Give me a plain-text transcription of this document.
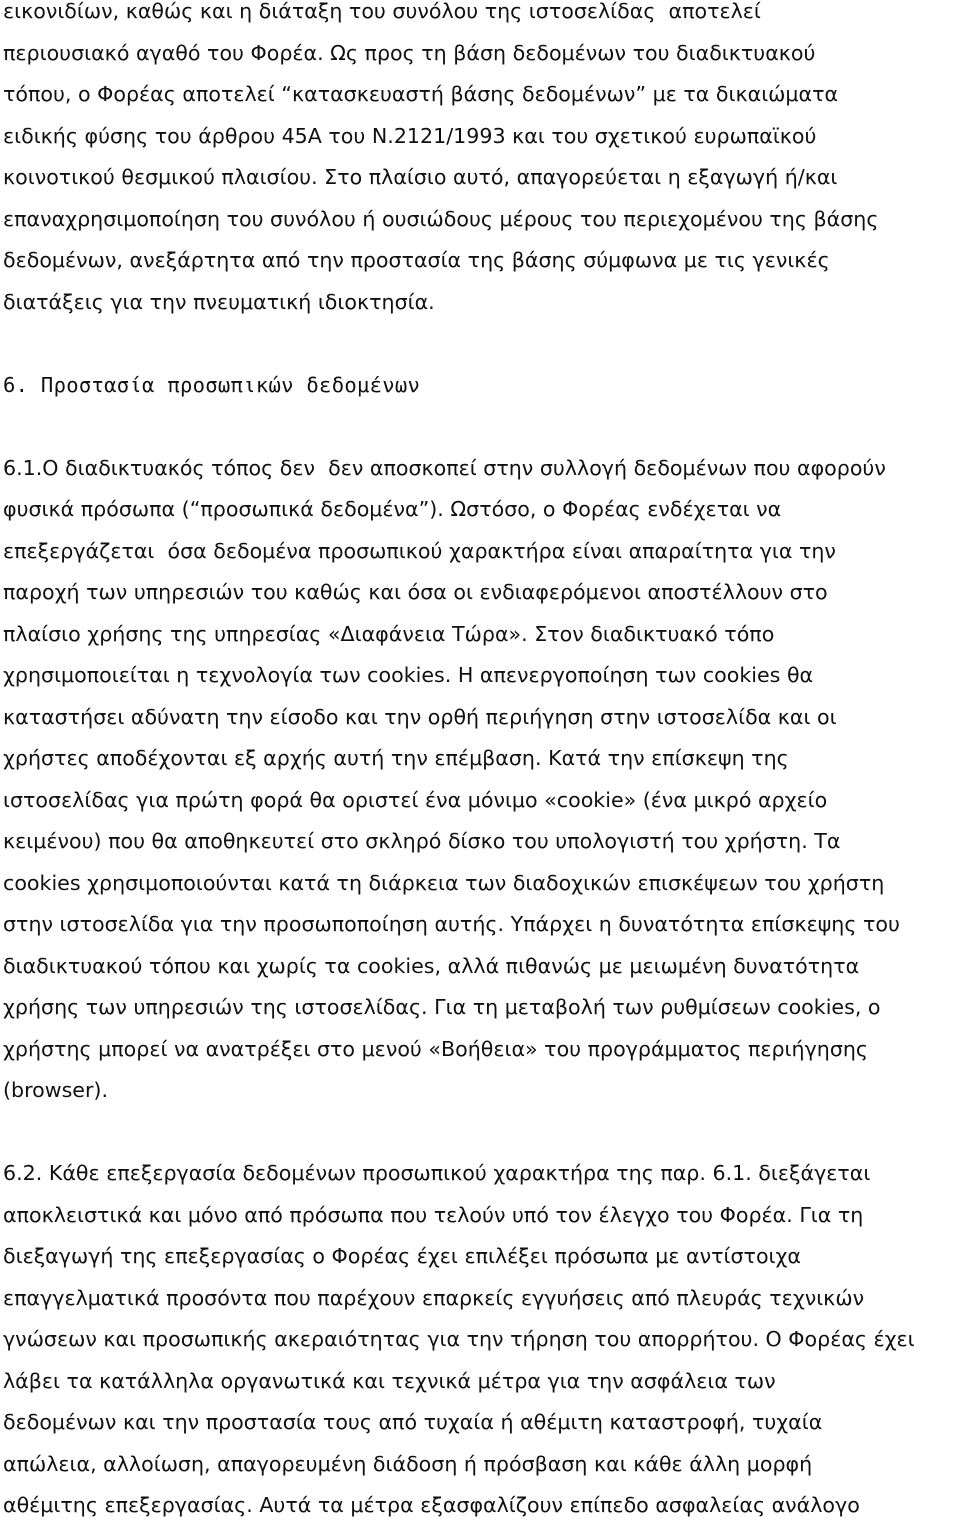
εικονιδίων, καθώς και η διάταξη του συνόλου της ιστοσελίδας  αποτελεί
περιουσιακό αγαθό του Φορέα. Ως προς τη βάση δεδομένων του διαδικτυακού
τόπου, ο Φορέας αποτελεί “κατασκευαστή βάσης δεδομένων” με τα δικαιώματα
ειδικής φύσης του άρθρου 45Α του Ν.2121/1993 και του σχετικού ευρωπαϊκού
κοινοτικού θεσμικού πλαισίου. Στο πλαίσιο αυτό, απαγορεύεται η εξαγωγή ή/και
επαναχρησιμοποίηση του συνόλου ή ουσιώδους μέρους του περιεχομένου της βάσης
δεδομένων, ανεξάρτητα από την προστασία της βάσης σύμφωνα με τις γενικές
διατάξεις για την πνευματική ιδιοκτησία.
6. Προστασία προσωπικών δεδομένων
6.1.Ο διαδικτυακός τόπος δεν  δεν αποσκοπεί στην συλλογή δεδομένων που αφορούν
φυσικά πρόσωπα (“προσωπικά δεδομένα”). Ωστόσο, ο Φορέας ενδέχεται να
επεξεργάζεται  όσα δεδομένα προσωπικού χαρακτήρα είναι απαραίτητα για την
παροχή των υπηρεσιών του καθώς και όσα οι ενδιαφερόμενοι αποστέλλουν στο
πλαίσιο χρήσης της υπηρεσίας «Διαφάνεια Τώρα». Στον διαδικτυακό τόπο
χρησιμοποιείται η τεχνολογία των cookies. Η απενεργοποίηση των cookies θα
καταστήσει αδύνατη την είσοδο και την ορθή περιήγηση στην ιστοσελίδα και οι
χρήστες αποδέχονται εξ αρχής αυτή την επέμβαση. Κατά την επίσκεψη της
ιστοσελίδας για πρώτη φορά θα οριστεί ένα μόνιμο «cookie» (ένα μικρό αρχείο
κειμένου) που θα αποθηκευτεί στο σκληρό δίσκο του υπολογιστή του χρήστη. Τα
cookies χρησιμοποιούνται κατά τη διάρκεια των διαδοχικών επισκέψεων του χρήστη
στην ιστοσελίδα για την προσωποποίηση αυτής. Υπάρχει η δυνατότητα επίσκεψης του
διαδικτυακού τόπου και χωρίς τα cookies, αλλά πιθανώς με μειωμένη δυνατότητα
χρήσης των υπηρεσιών της ιστοσελίδας. Για τη μεταβολή των ρυθμίσεων cookies, ο
χρήστης μπορεί να ανατρέξει στο μενού «Βοήθεια» του προγράμματος περιήγησης
(browser).
6.2. Κάθε επεξεργασία δεδομένων προσωπικού χαρακτήρα της παρ. 6.1. διεξάγεται
αποκλειστικά και μόνο από πρόσωπα που τελούν υπό τον έλεγχο του Φορέα. Για τη
διεξαγωγή της επεξεργασίας ο Φορέας έχει επιλέξει πρόσωπα με αντίστοιχα
επαγγελματικά προσόντα που παρέχουν επαρκείς εγγυήσεις από πλευράς τεχνικών
γνώσεων και προσωπικής ακεραιότητας για την τήρηση του απορρήτου. Ο Φορέας έχει
λάβει τα κατάλληλα οργανωτικά και τεχνικά μέτρα για την ασφάλεια των
δεδομένων και την προστασία τους από τυχαία ή αθέμιτη καταστροφή, τυχαία
απώλεια, αλλοίωση, απαγορευμένη διάδοση ή πρόσβαση και κάθε άλλη μορφή
αθέμιτης επεξεργασίας. Αυτά τα μέτρα εξασφαλίζουν επίπεδο ασφαλείας ανάλογο
